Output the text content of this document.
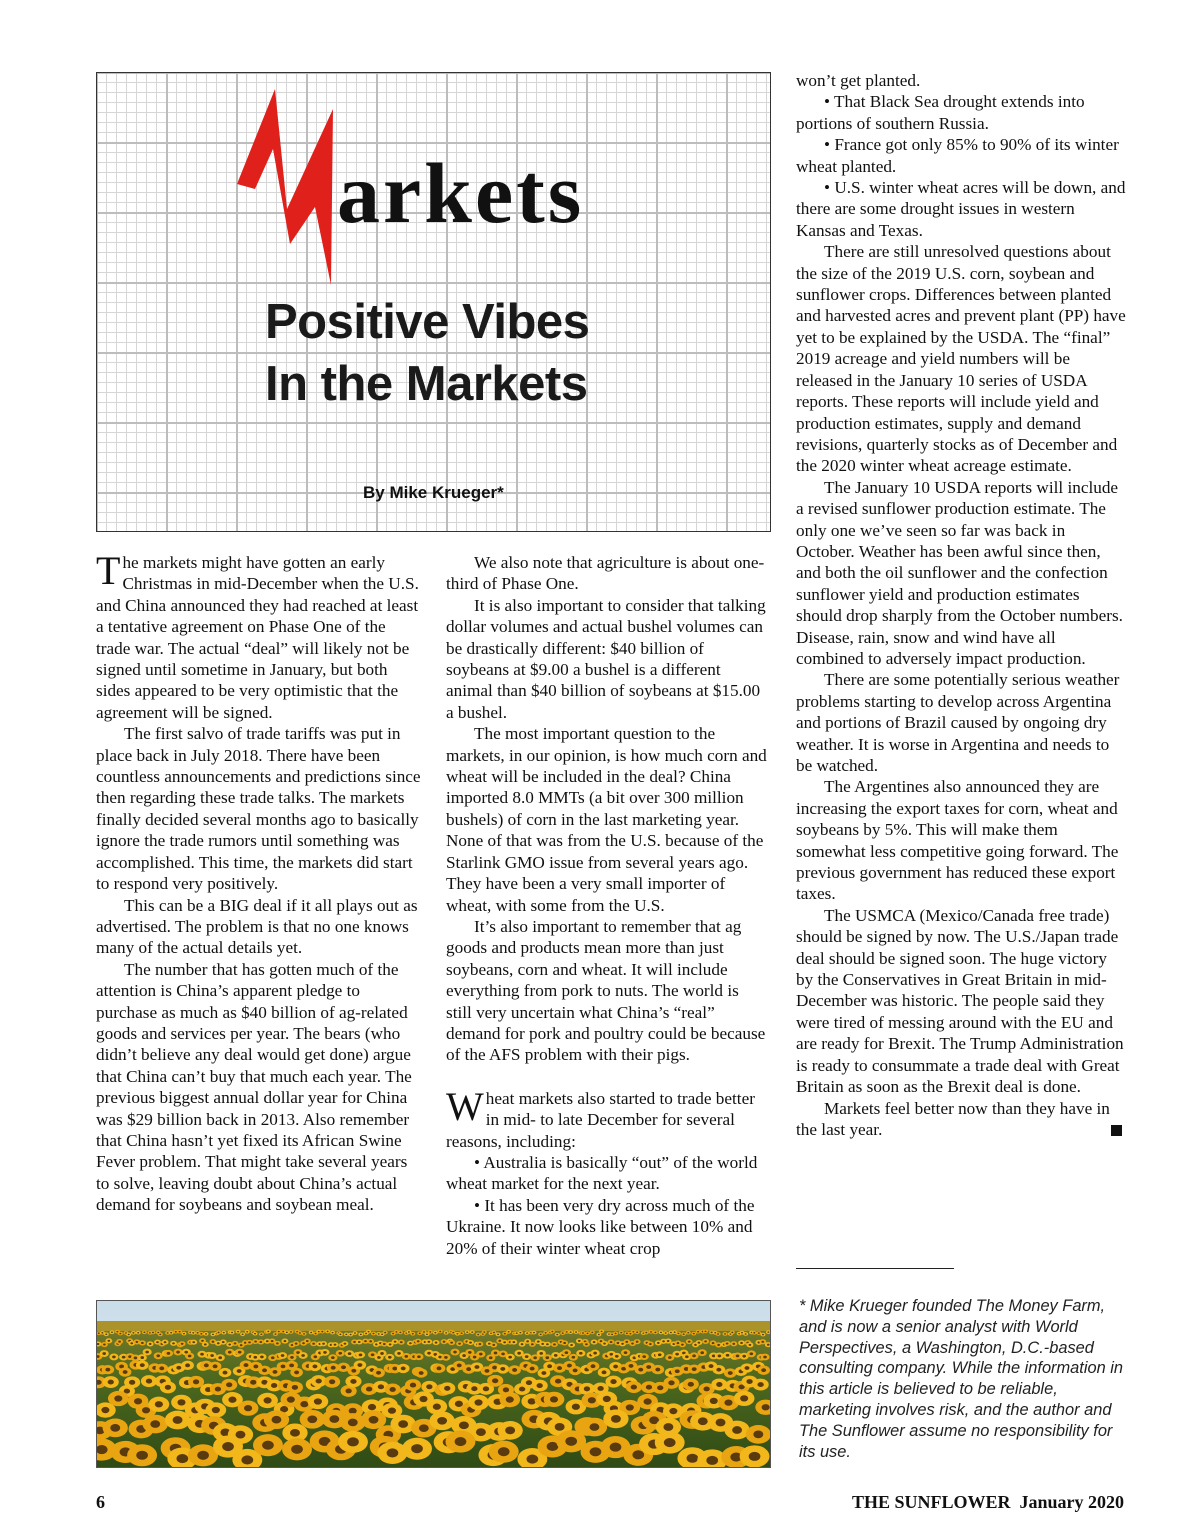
arkets
Positive Vibes
In the Markets
By Mike Krueger*

The markets might have gotten an early Christmas in mid-December when the U.S. and China announced they had reached at least a tentative agreement on Phase One of the trade war. The actual “deal” will likely not be signed until sometime in January, but both sides appeared to be very optimistic that the agreement will be signed.

The first salvo of trade tariffs was put in place back in July 2018. There have been countless announcements and predictions since then regarding these trade talks. The markets finally decided several months ago to basically ignore the trade rumors until something was accomplished. This time, the markets did start to respond very positively.

This can be a BIG deal if it all plays out as advertised. The problem is that no one knows many of the actual details yet.

The number that has gotten much of the attention is China’s apparent pledge to purchase as much as $40 billion of ag-related goods and services per year. The bears (who didn’t believe any deal would get done) argue that China can’t buy that much each year. The previous biggest annual dollar year for China was $29 billion back in 2013. Also remember that China hasn’t yet fixed its African Swine Fever problem. That might take several years to solve, leaving doubt about China’s actual demand for soybeans and soybean meal.

We also note that agriculture is about one-third of Phase One.

It is also important to consider that talking dollar volumes and actual bushel volumes can be drastically different: $40 billion of soybeans at $9.00 a bushel is a different animal than $40 billion of soybeans at $15.00 a bushel.

The most important question to the markets, in our opinion, is how much corn and wheat will be included in the deal? China imported 8.0 MMTs (a bit over 300 million bushels) of corn in the last marketing year. None of that was from the U.S. because of the Starlink GMO issue from several years ago. They have been a very small importer of wheat, with some from the U.S.

It’s also important to remember that ag goods and products mean more than just soybeans, corn and wheat. It will include everything from pork to nuts. The world is still very uncertain what China’s “real” demand for pork and poultry could be because of the AFS problem with their pigs.

Wheat markets also started to trade better in mid- to late December for several reasons, including:

• Australia is basically “out” of the world wheat market for the next year.

• It has been very dry across much of the Ukraine. It now looks like between 10% and 20% of their winter wheat crop

won’t get planted.

• That Black Sea drought extends into portions of southern Russia.

• France got only 85% to 90% of its winter wheat planted.

• U.S. winter wheat acres will be down, and there are some drought issues in western Kansas and Texas.

There are still unresolved questions about the size of the 2019 U.S. corn, soybean and sunflower crops. Differences between planted and harvested acres and prevent plant (PP) have yet to be explained by the USDA. The “final” 2019 acreage and yield numbers will be released in the January 10 series of USDA reports. These reports will include yield and production estimates, supply and demand revisions, quarterly stocks as of December and the 2020 winter wheat acreage estimate.

The January 10 USDA reports will include a revised sunflower production estimate. The only one we’ve seen so far was back in October. Weather has been awful since then, and both the oil sunflower and the confection sunflower yield and production estimates should drop sharply from the October numbers. Disease, rain, snow and wind have all combined to adversely impact production.

There are some potentially serious weather problems starting to develop across Argentina and portions of Brazil caused by ongoing dry weather. It is worse in Argentina and needs to be watched.

The Argentines also announced they are increasing the export taxes for corn, wheat and soybeans by 5%. This will make them somewhat less competitive going forward. The previous government has reduced these export taxes.

The USMCA (Mexico/Canada free trade) should be signed by now. The U.S./Japan trade deal should be signed soon. The huge victory by the Conservatives in Great Britain in mid-December was historic. The people said they were tired of messing around with the EU and are ready for Brexit. The Trump Administration is ready to consummate a trade deal with Great Britain as soon as the Brexit deal is done.

Markets feel better now than they have in the last year.

* Mike Krueger founded The Money Farm, and is now a senior analyst with World Perspectives, a Washington, D.C.-based consulting company. While the information in this article is believed to be reliable, marketing involves risk, and the author and The Sunflower assume no responsibility for its use.
6	THE SUNFLOWER January 2020
